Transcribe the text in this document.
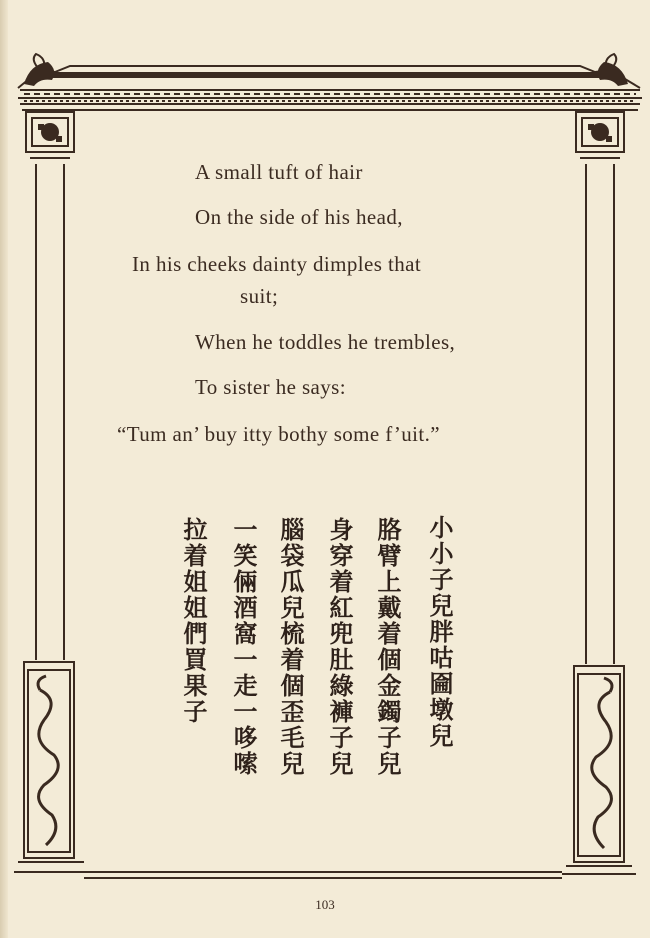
A small tuft of hair
On the side of his head,
In his cheeks dainty dimples that
suit;
When he toddles he trembles,
To sister he says:
“Tum an’ buy itty bothy some f’uit.”
小小子兒胖咕圇墩兒
胳臂上戴着個金鐲子兒
身穿着紅兜肚綠褲子兒
腦袋瓜兒梳着個歪毛兒
一笑倆酒窩一走一哆嗦
拉着姐姐們買果子
103
